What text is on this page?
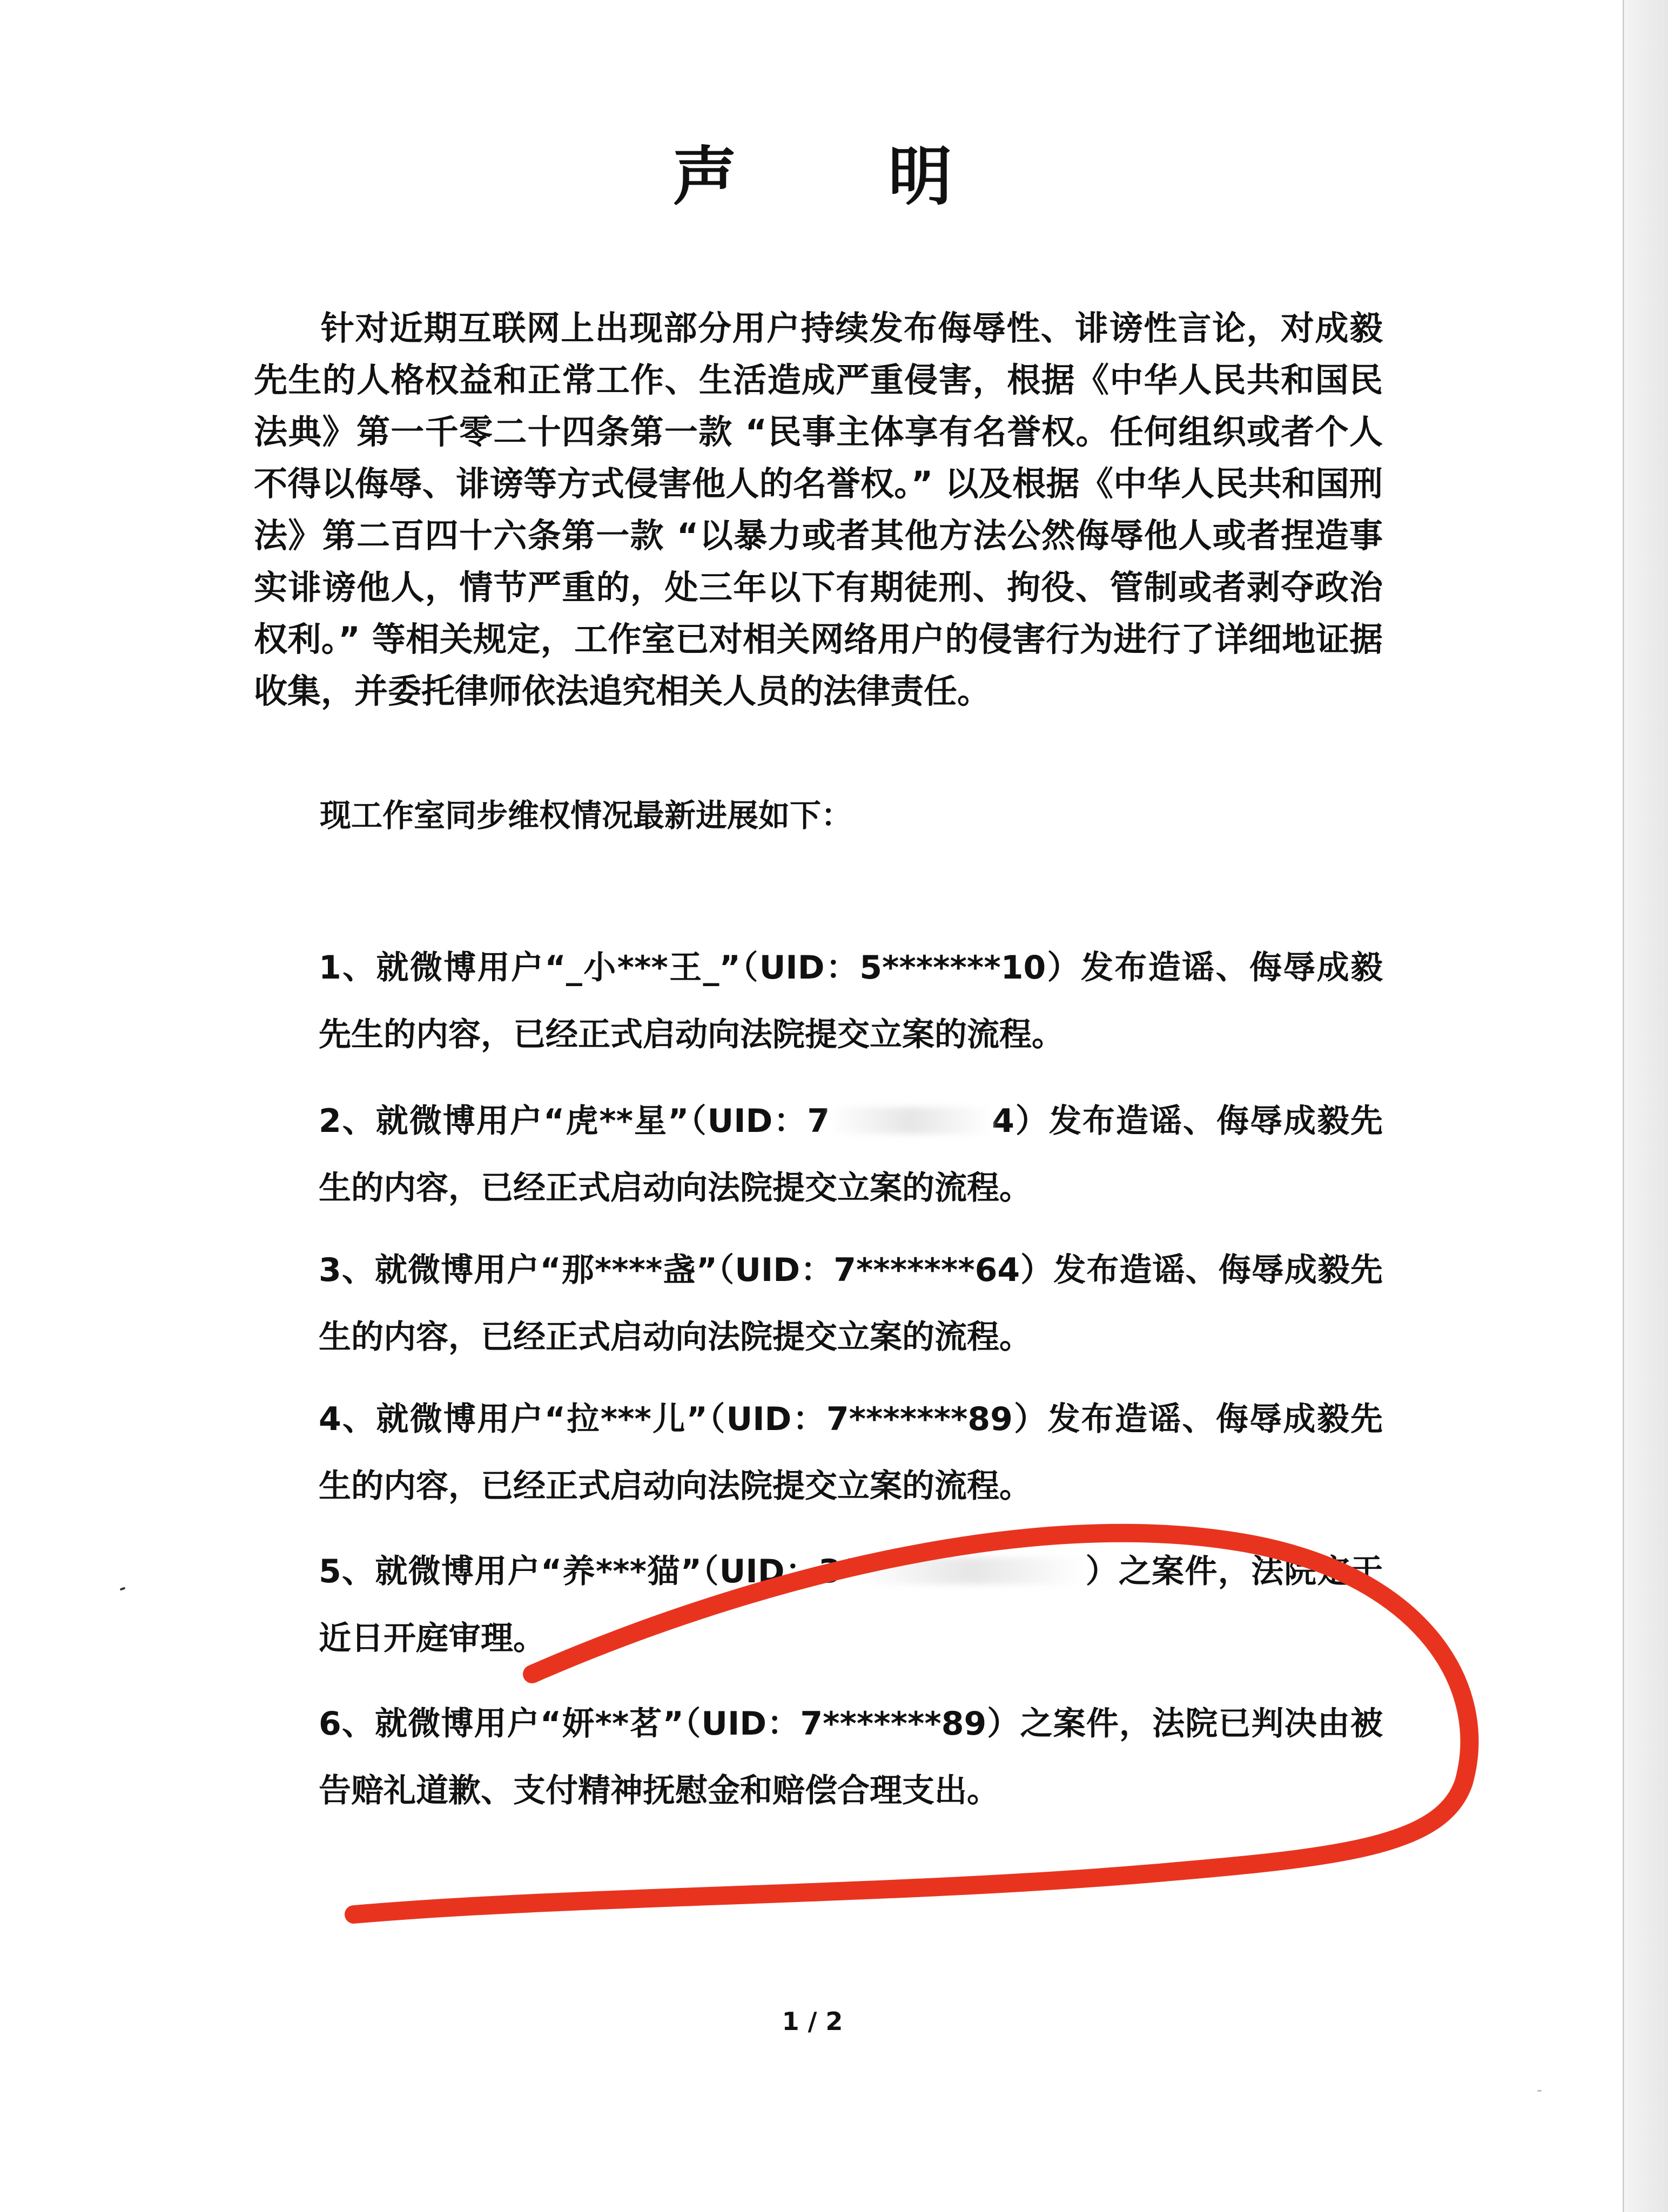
声 明

针对近期互联网上出现部分用户持续发布侮辱性、诽谤性言论，对成毅先生的人格权益和正常工作、生活造成严重侵害，根据《中华人民共和国民法典》第一千零二十四条第一款 “民事主体享有名誉权。任何组织或者个人不得以侮辱、诽谤等方式侵害他人的名誉权。” 以及根据《中华人民共和国刑法》第二百四十六条第一款 “以暴力或者其他方法公然侮辱他人或者捏造事实诽谤他人，情节严重的，处三年以下有期徒刑、拘役、管制或者剥夺政治权利。” 等相关规定，工作室已对相关网络用户的侵害行为进行了详细地证据收集，并委托律师依法追究相关人员的法律责任。

现工作室同步维权情况最新进展如下：

1、就微博用户“_小***王_”（UID：5*******10）发布造谣、侮辱成毅先生的内容，已经正式启动向法院提交立案的流程。

2、就微博用户“虎**星”（UID：7	4）发布造谣、侮辱成毅先生的内容，已经正式启动向法院提交立案的流程。

3、就微博用户“那****盏”（UID：7*******64）发布造谣、侮辱成毅先生的内容，已经正式启动向法院提交立案的流程。

4、就微博用户“拉***儿”（UID：7*******89）发布造谣、侮辱成毅先生的内容，已经正式启动向法院提交立案的流程。

5、就微博用户“养***猫”（UID：3*	）之案件，法院定于近日开庭审理。

6、就微博用户“妍**茗”（UID：7*******89）之案件，法院已判决由被告赔礼道歉、支付精神抚慰金和赔偿合理支出。

1 / 2
